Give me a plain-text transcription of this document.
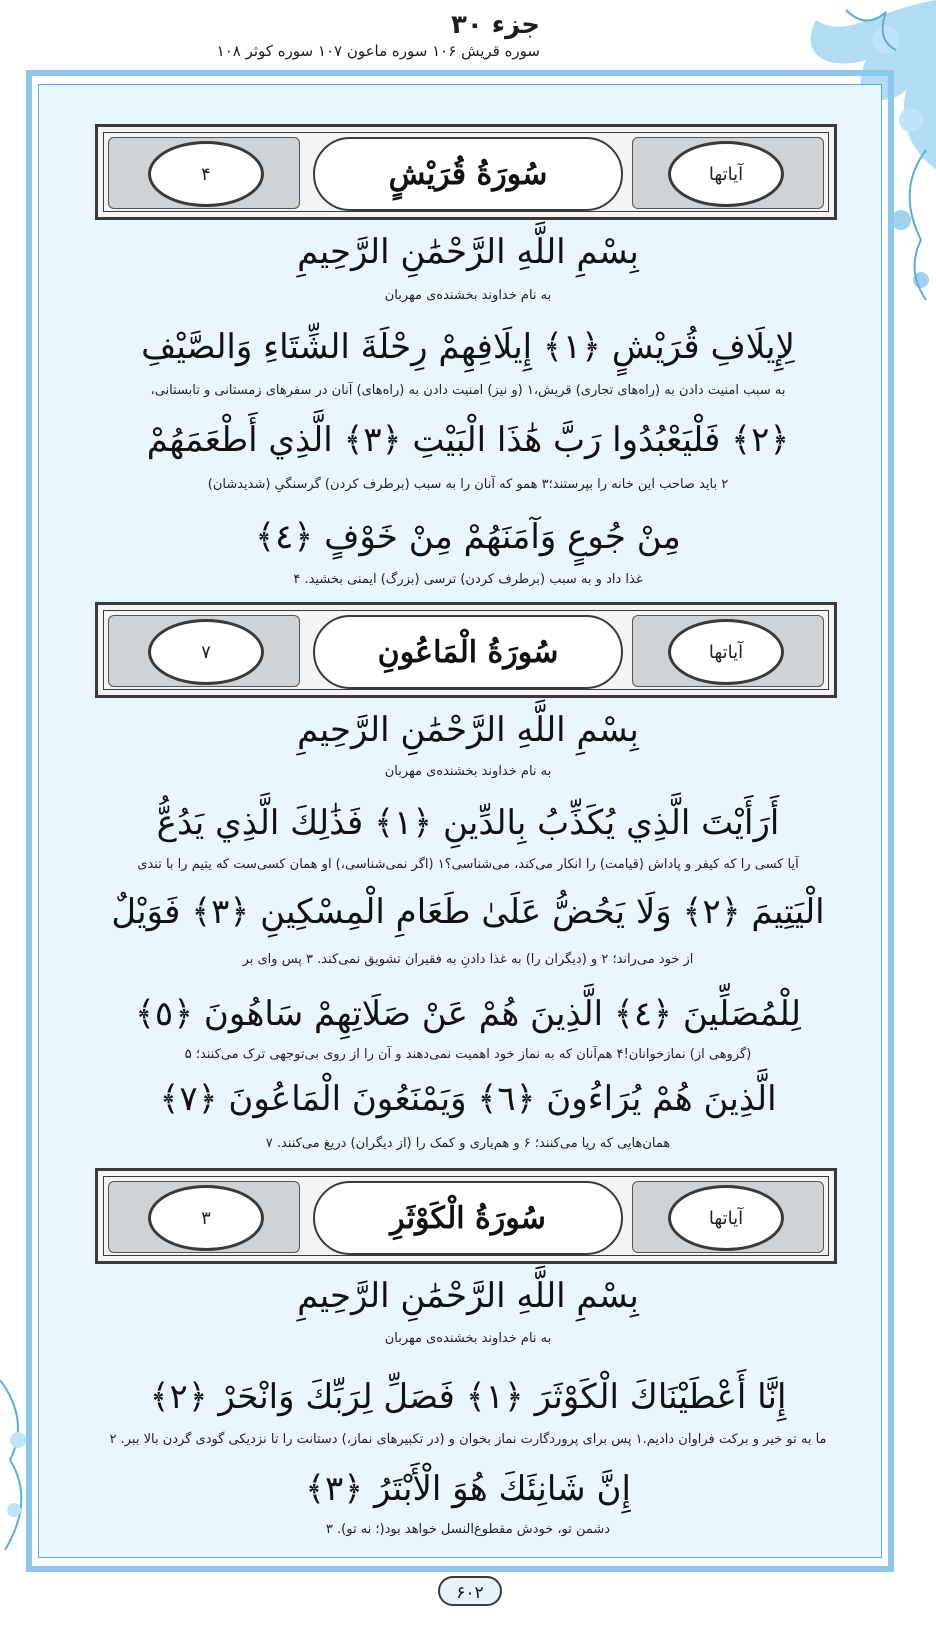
جزء ۳۰
سوره قریش ۱۰۶ سوره ماعون ۱۰۷ سوره کوثر ۱۰۸
۴	آیاتها
سُورَةُ قُرَيْشٍ
بِسْمِ اللَّهِ الرَّحْمَٰنِ الرَّحِيمِ
به نام خداوند بخشنده‌ی مهربان
لِإِيلَافِ قُرَيْشٍ ﴿١﴾ إِيلَافِهِمْ رِحْلَةَ الشِّتَاءِ وَالصَّيْفِ
به سبب امنیت دادن به (راه‌های تجاری) قریش،۱ (و نیز) امنیت دادن به (راه‌های) آنان در سفرهای زمستانی و تابستانی،
﴿٢﴾ فَلْيَعْبُدُوا رَبَّ هَٰذَا الْبَيْتِ ﴿٣﴾ الَّذِي أَطْعَمَهُمْ
۲ باید صاحب این خانه را بپرستند؛۳ همو که آنان را به سبب (برطرف کردن) گرسنگیِ (شدیدشان)
مِنْ جُوعٍ وَآمَنَهُمْ مِنْ خَوْفٍ ﴿٤﴾
غذا داد و به سبب (برطرف کردن) ترسی (بزرگ) ایمنی بخشید. ۴
۷	آیاتها
سُورَةُ الْمَاعُونِ
بِسْمِ اللَّهِ الرَّحْمَٰنِ الرَّحِيمِ
به نام خداوند بخشنده‌ی مهربان
أَرَأَيْتَ الَّذِي يُكَذِّبُ بِالدِّينِ ﴿١﴾ فَذَٰلِكَ الَّذِي يَدُعُّ
آیا کسی را که کیفر و پاداش (قیامت) را انکار می‌کند، می‌شناسی؟۱ (اگر نمی‌شناسی،) او همان کسی‌ست که یتیم را با تندی
الْيَتِيمَ ﴿٢﴾ وَلَا يَحُضُّ عَلَىٰ طَعَامِ الْمِسْكِينِ ﴿٣﴾ فَوَيْلٌ
از خود می‌راند؛ ۲ و (دیگران را) به غذا دادنِ به فقیران تشویق نمی‌کند. ۳ پس وای بر
لِلْمُصَلِّينَ ﴿٤﴾ الَّذِينَ هُمْ عَنْ صَلَاتِهِمْ سَاهُونَ ﴿٥﴾
(گروهی از) نمازخوانان!۴ هم‌آنان که به نماز خود اهمیت نمی‌دهند و آن را از روی بی‌توجهی ترک می‌کنند؛ ۵
الَّذِينَ هُمْ يُرَاءُونَ ﴿٦﴾ وَيَمْنَعُونَ الْمَاعُونَ ﴿٧﴾
همان‌هایی که ریا می‌کنند؛ ۶ و هم‌یاری و کمک را (از دیگران) دریغ می‌کنند. ۷
۳	آیاتها
سُورَةُ الْكَوْثَرِ
بِسْمِ اللَّهِ الرَّحْمَٰنِ الرَّحِيمِ
به نام خداوند بخشنده‌ی مهربان
إِنَّا أَعْطَيْنَاكَ الْكَوْثَرَ ﴿١﴾ فَصَلِّ لِرَبِّكَ وَانْحَرْ ﴿٢﴾
ما به تو خیر و برکت فراوان دادیم.۱ پس برای پروردگارت نماز بخوان و (در تکبیرهای نماز،) دستانت را تا نزدیکی گودی گردن بالا ببر. ۲
إِنَّ شَانِئَكَ هُوَ الْأَبْتَرُ ﴿٣﴾
دشمن تو، خودش مقطوع‌النسل خواهد بود(؛ نه تو). ۳
۶۰۲
